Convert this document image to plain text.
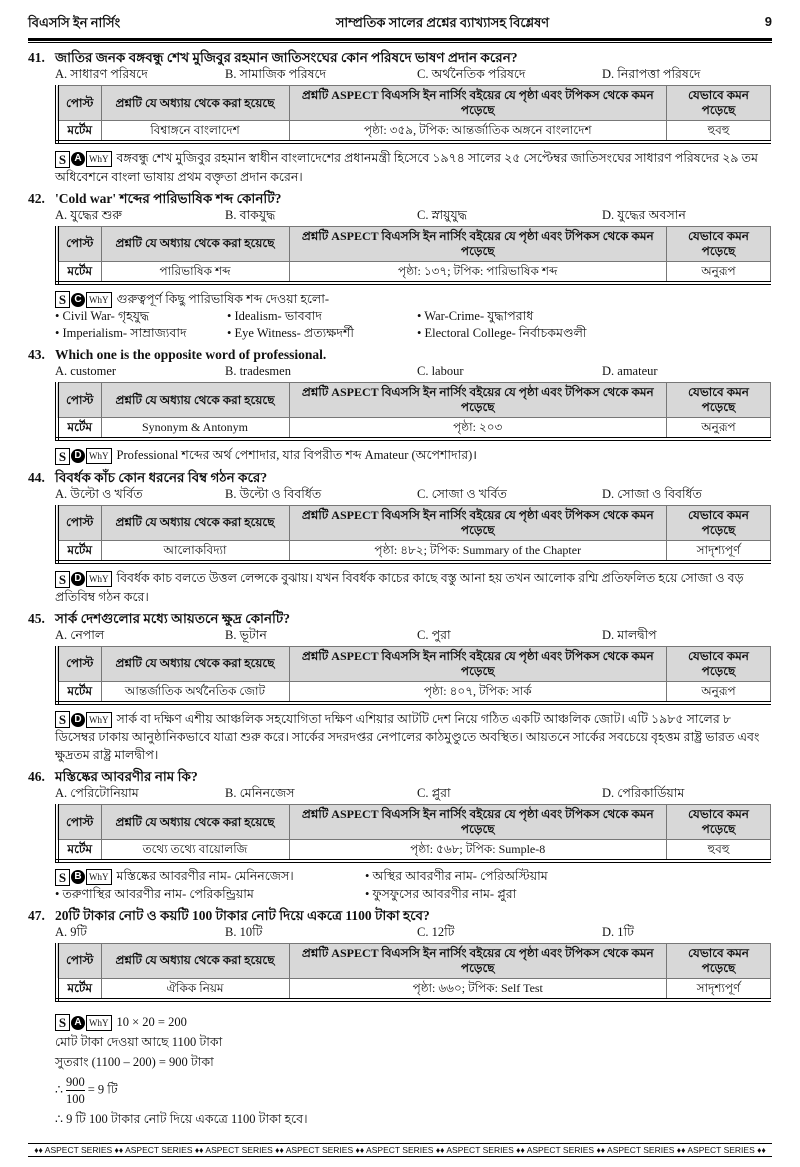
বিএসসি ইন নার্সিং	সাম্প্রতিক সালের প্রশ্নের ব্যাখ্যাসহ বিশ্লেষণ	9
41. জাতির জনক বঙ্গবন্ধু শেখ মুজিবুর রহমান জাতিসংঘের কোন পরিষদে ভাষণ প্রদান করেন?
A. সাধারণ পরিষদে	B. সামাজিক পরিষদে	C. অর্থনৈতিক পরিষদে	D. নিরাপত্তা পরিষদে
পোস্ট	প্রশ্নটি যে অধ্যায় থেকে করা হয়েছে	প্রশ্নটি ASPECT বিএসসি ইন নার্সিং বইয়ের যে পৃষ্ঠা এবং টপিকস থেকে কমন পড়েছে	যেভাবে কমন পড়েছে
মর্টেম	বিশ্বাঙ্গনে বাংলাদেশ	পৃষ্ঠা: ৩৫৯, টপিক: আন্তর্জাতিক অঙ্গনে বাংলাদেশ	হুবহু
S A WhY বঙ্গবন্ধু শেখ মুজিবুর রহমান স্বাধীন বাংলাদেশের প্রধানমন্ত্রী হিসেবে ১৯৭৪ সালের ২৫ সেপ্টেম্বর জাতিসংঘের সাধারণ পরিষদের ২৯ তম অধিবেশনে বাংলা ভাষায় প্রথম বক্তৃতা প্রদান করেন।
42. 'Cold war' শব্দের পারিভাষিক শব্দ কোনটি?
A. যুদ্ধের শুরু	B. বাকযুদ্ধ	C. স্নায়ুযুদ্ধ	D. যুদ্ধের অবসান
পোস্ট	প্রশ্নটি যে অধ্যায় থেকে করা হয়েছে	প্রশ্নটি ASPECT বিএসসি ইন নার্সিং বইয়ের যে পৃষ্ঠা এবং টপিকস থেকে কমন পড়েছে	যেভাবে কমন পড়েছে
মর্টেম	পারিভাষিক শব্দ	পৃষ্ঠা: ১৩৭; টপিক: পারিভাষিক শব্দ	অনুরূপ
S C WhY গুরুত্বপূর্ণ কিছু পারিভাষিক শব্দ দেওয়া হলো-
• Civil War- গৃহযুদ্ধ	• Idealism- ভাববাদ	• War-Crime- যুদ্ধাপরাধ
• Imperialism- সাম্রাজ্যবাদ	• Eye Witness- প্রত্যক্ষদর্শী	• Electoral College- নির্বাচকমণ্ডলী
43. Which one is the opposite word of professional.
A. customer	B. tradesmen	C. labour	D. amateur
পোস্ট	প্রশ্নটি যে অধ্যায় থেকে করা হয়েছে	প্রশ্নটি ASPECT বিএসসি ইন নার্সিং বইয়ের যে পৃষ্ঠা এবং টপিকস থেকে কমন পড়েছে	যেভাবে কমন পড়েছে
মর্টেম	Synonym & Antonym	পৃষ্ঠা: ২০৩	অনুরূপ
S D WhY Professional শব্দের অর্থ পেশাদার, যার বিপরীত শব্দ Amateur (অপেশাদার)।
44. বিবর্ধক কাঁচ কোন ধরনের বিম্ব গঠন করে?
A. উল্টো ও খর্বিত	B. উল্টো ও বিবর্ধিত	C. সোজা ও খর্বিত	D. সোজা ও বিবর্ধিত
পোস্ট	প্রশ্নটি যে অধ্যায় থেকে করা হয়েছে	প্রশ্নটি ASPECT বিএসসি ইন নার্সিং বইয়ের যে পৃষ্ঠা এবং টপিকস থেকে কমন পড়েছে	যেভাবে কমন পড়েছে
মর্টেম	আলোকবিদ্যা	পৃষ্ঠা: ৪৮২; টপিক: Summary of the Chapter	সাদৃশ্যপূর্ণ
S D WhY বিবর্ধক কাচ বলতে উত্তল লেন্সকে বুঝায়। যখন বিবর্ধক কাচের কাছে বস্তু আনা হয় তখন আলোক রশ্মি প্রতিফলিত হয়ে সোজা ও বড় প্রতিবিম্ব গঠন করে।
45. সার্ক দেশগুলোর মধ্যে আয়তনে ক্ষুদ্র কোনটি?
A. নেপাল	B. ভূটান	C. পুরা	D. মালদ্বীপ
পোস্ট	প্রশ্নটি যে অধ্যায় থেকে করা হয়েছে	প্রশ্নটি ASPECT বিএসসি ইন নার্সিং বইয়ের যে পৃষ্ঠা এবং টপিকস থেকে কমন পড়েছে	যেভাবে কমন পড়েছে
মর্টেম	আন্তর্জাতিক অর্থনৈতিক জোট	পৃষ্ঠা: ৪০৭, টপিক: সার্ক	অনুরূপ
S D WhY সার্ক বা দক্ষিণ এশীয় আঞ্চলিক সহযোগিতা দক্ষিণ এশিয়ার আটটি দেশ নিয়ে গঠিত একটি আঞ্চলিক জোট। এটি ১৯৮৫ সালের ৮ ডিসেম্বর ঢাকায় আনুষ্ঠানিকভাবে যাত্রা শুরু করে। সার্কের সদরদপ্তর নেপালের কাঠমুণ্ডুতে অবস্থিত। আয়তনে সার্কের সবচেয়ে বৃহত্তম রাষ্ট্র ভারত এবং ক্ষুদ্রতম রাষ্ট্র মালদ্বীপ।
46. মস্তিষ্কের আবরণীর নাম কি?
A. পেরিটোনিয়াম	B. মেনিনজেস	C. প্লুরা	D. পেরিকার্ডিয়াম
পোস্ট	প্রশ্নটি যে অধ্যায় থেকে করা হয়েছে	প্রশ্নটি ASPECT বিএসসি ইন নার্সিং বইয়ের যে পৃষ্ঠা এবং টপিকস থেকে কমন পড়েছে	যেভাবে কমন পড়েছে
মর্টেম	তথ্যে তথ্যে বায়োলজি	পৃষ্ঠা: ৫৬৮; টপিক: Sumple-8	হুবহু
S B WhY মস্তিষ্কের আবরণীর নাম- মেনিনজেস।	• অস্থির আবরণীর নাম- পেরিঅস্টিয়াম
• তরুণাস্থির আবরণীর নাম- পেরিকন্ড্রিয়াম	• ফুসফুসের আবরণীর নাম- প্লুরা
47. 20টি টাকার নোট ও কয়টি 100 টাকার নোট দিয়ে একত্রে 1100 টাকা হবে?
A. 9টি	B. 10টি	C. 12টি	D. 1টি
পোস্ট	প্রশ্নটি যে অধ্যায় থেকে করা হয়েছে	প্রশ্নটি ASPECT বিএসসি ইন নার্সিং বইয়ের যে পৃষ্ঠা এবং টপিকস থেকে কমন পড়েছে	যেভাবে কমন পড়েছে
মর্টেম	ঐকিক নিয়ম	পৃষ্ঠা: ৬৬০; টপিক: Self Test	সাদৃশ্যপূর্ণ
S A WhY 10 × 20 = 200
মোট টাকা দেওয়া আছে 1100 টাকা
সুতরাং (1100 – 200) = 900 টাকা
∴ $\frac{900}{100} = 9$ টি
∴ 9 টি 100 টাকার নোট দিয়ে একত্রে 1100 টাকা হবে।
♦♦ ASPECT SERIES ♦♦ ASPECT SERIES ♦♦ ASPECT SERIES ♦♦ ASPECT SERIES ♦♦ ASPECT SERIES ♦♦ ASPECT SERIES ♦♦ ASPECT SERIES ♦♦ ASPECT SERIES ♦♦ ASPECT SERIES ♦♦
